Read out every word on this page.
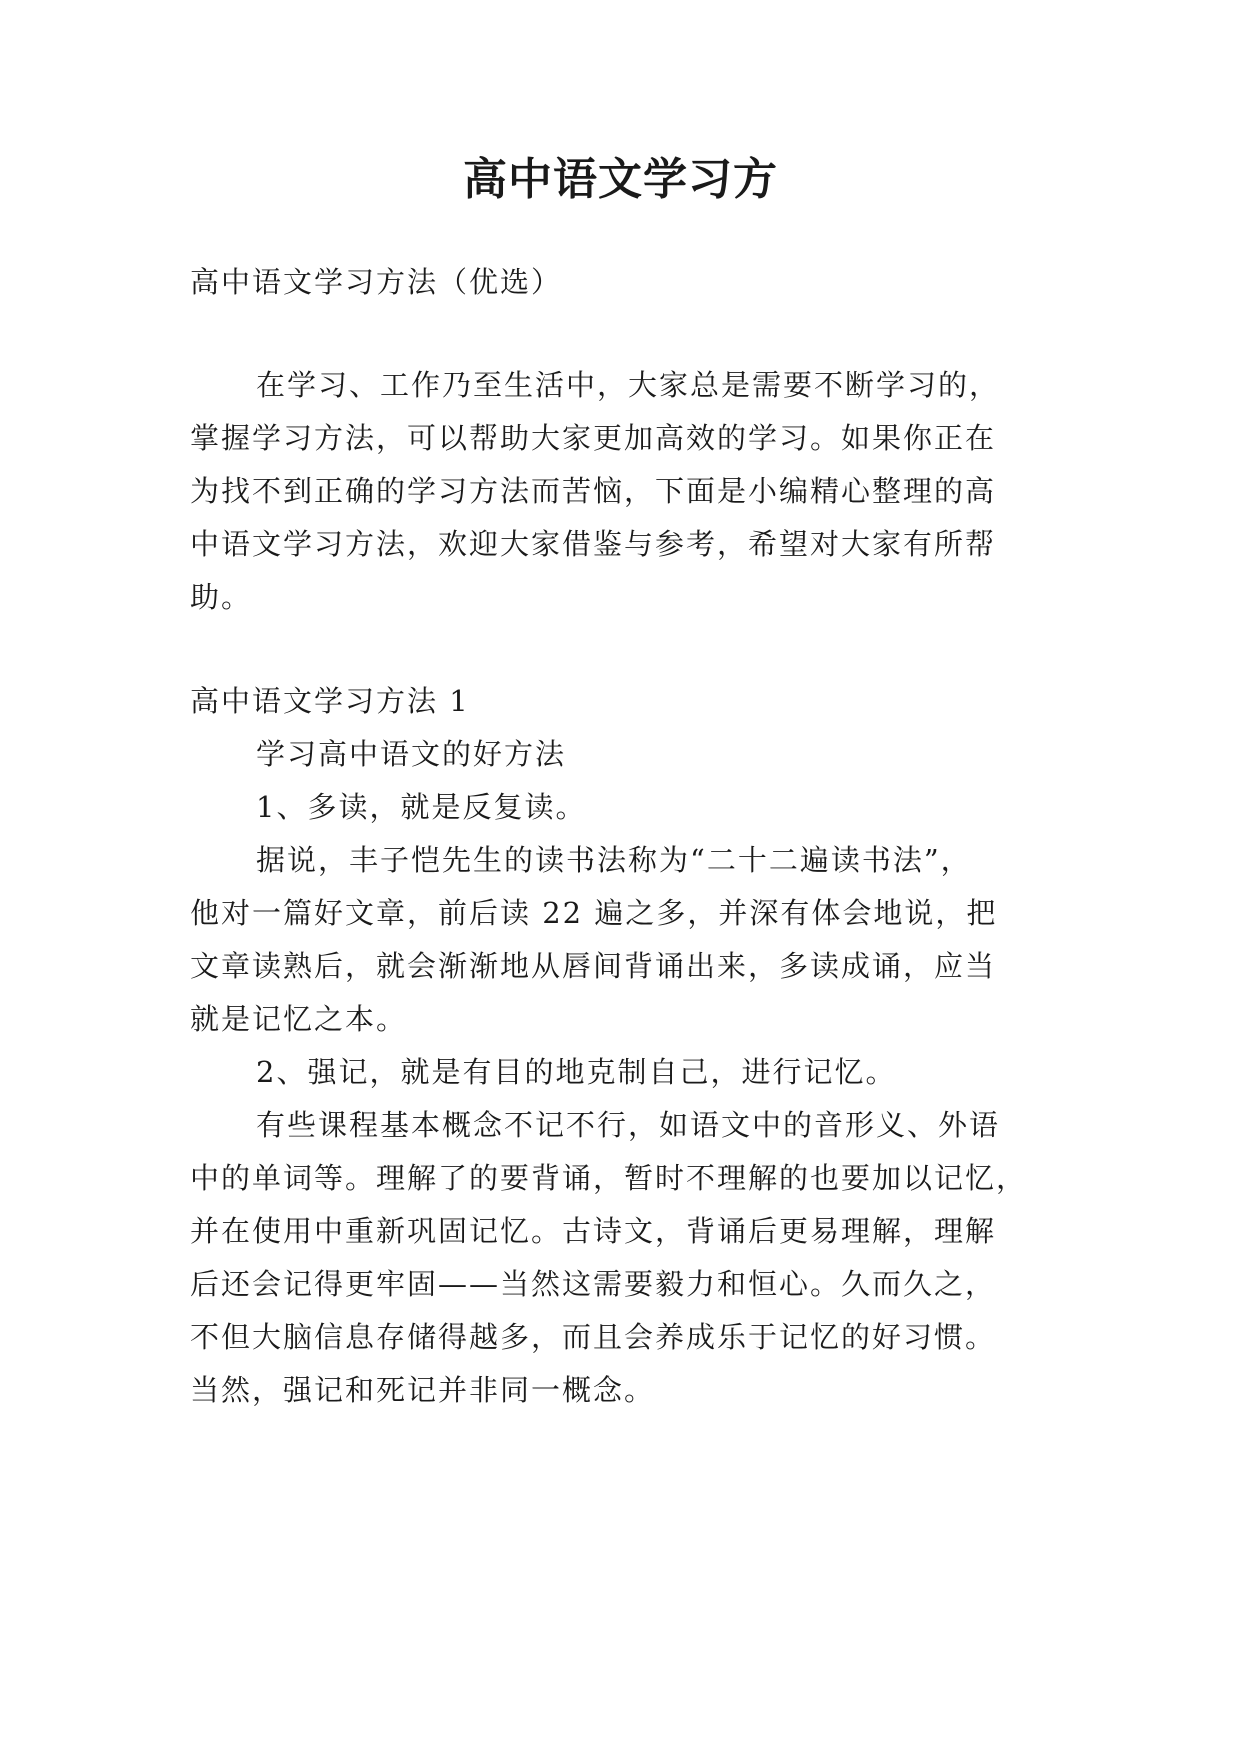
高中语文学习方
高中语文学习方法（优选）
在学习、工作乃至生活中，大家总是需要不断学习的，
掌握学习方法，可以帮助大家更加高效的学习。如果你正在
为找不到正确的学习方法而苦恼，下面是小编精心整理的高
中语文学习方法，欢迎大家借鉴与参考，希望对大家有所帮
助。
高中语文学习方法 1
学习高中语文的好方法
1、多读，就是反复读。
据说，丰子恺先生的读书法称为“二十二遍读书法”，
他对一篇好文章，前后读 22 遍之多，并深有体会地说，把
文章读熟后，就会渐渐地从唇间背诵出来，多读成诵，应当
就是记忆之本。
2、强记，就是有目的地克制自己，进行记忆。
有些课程基本概念不记不行，如语文中的音形义、外语
中的单词等。理解了的要背诵，暂时不理解的也要加以记忆，
并在使用中重新巩固记忆。古诗文，背诵后更易理解，理解
后还会记得更牢固——当然这需要毅力和恒心。久而久之，
不但大脑信息存储得越多，而且会养成乐于记忆的好习惯。
当然，强记和死记并非同一概念。
